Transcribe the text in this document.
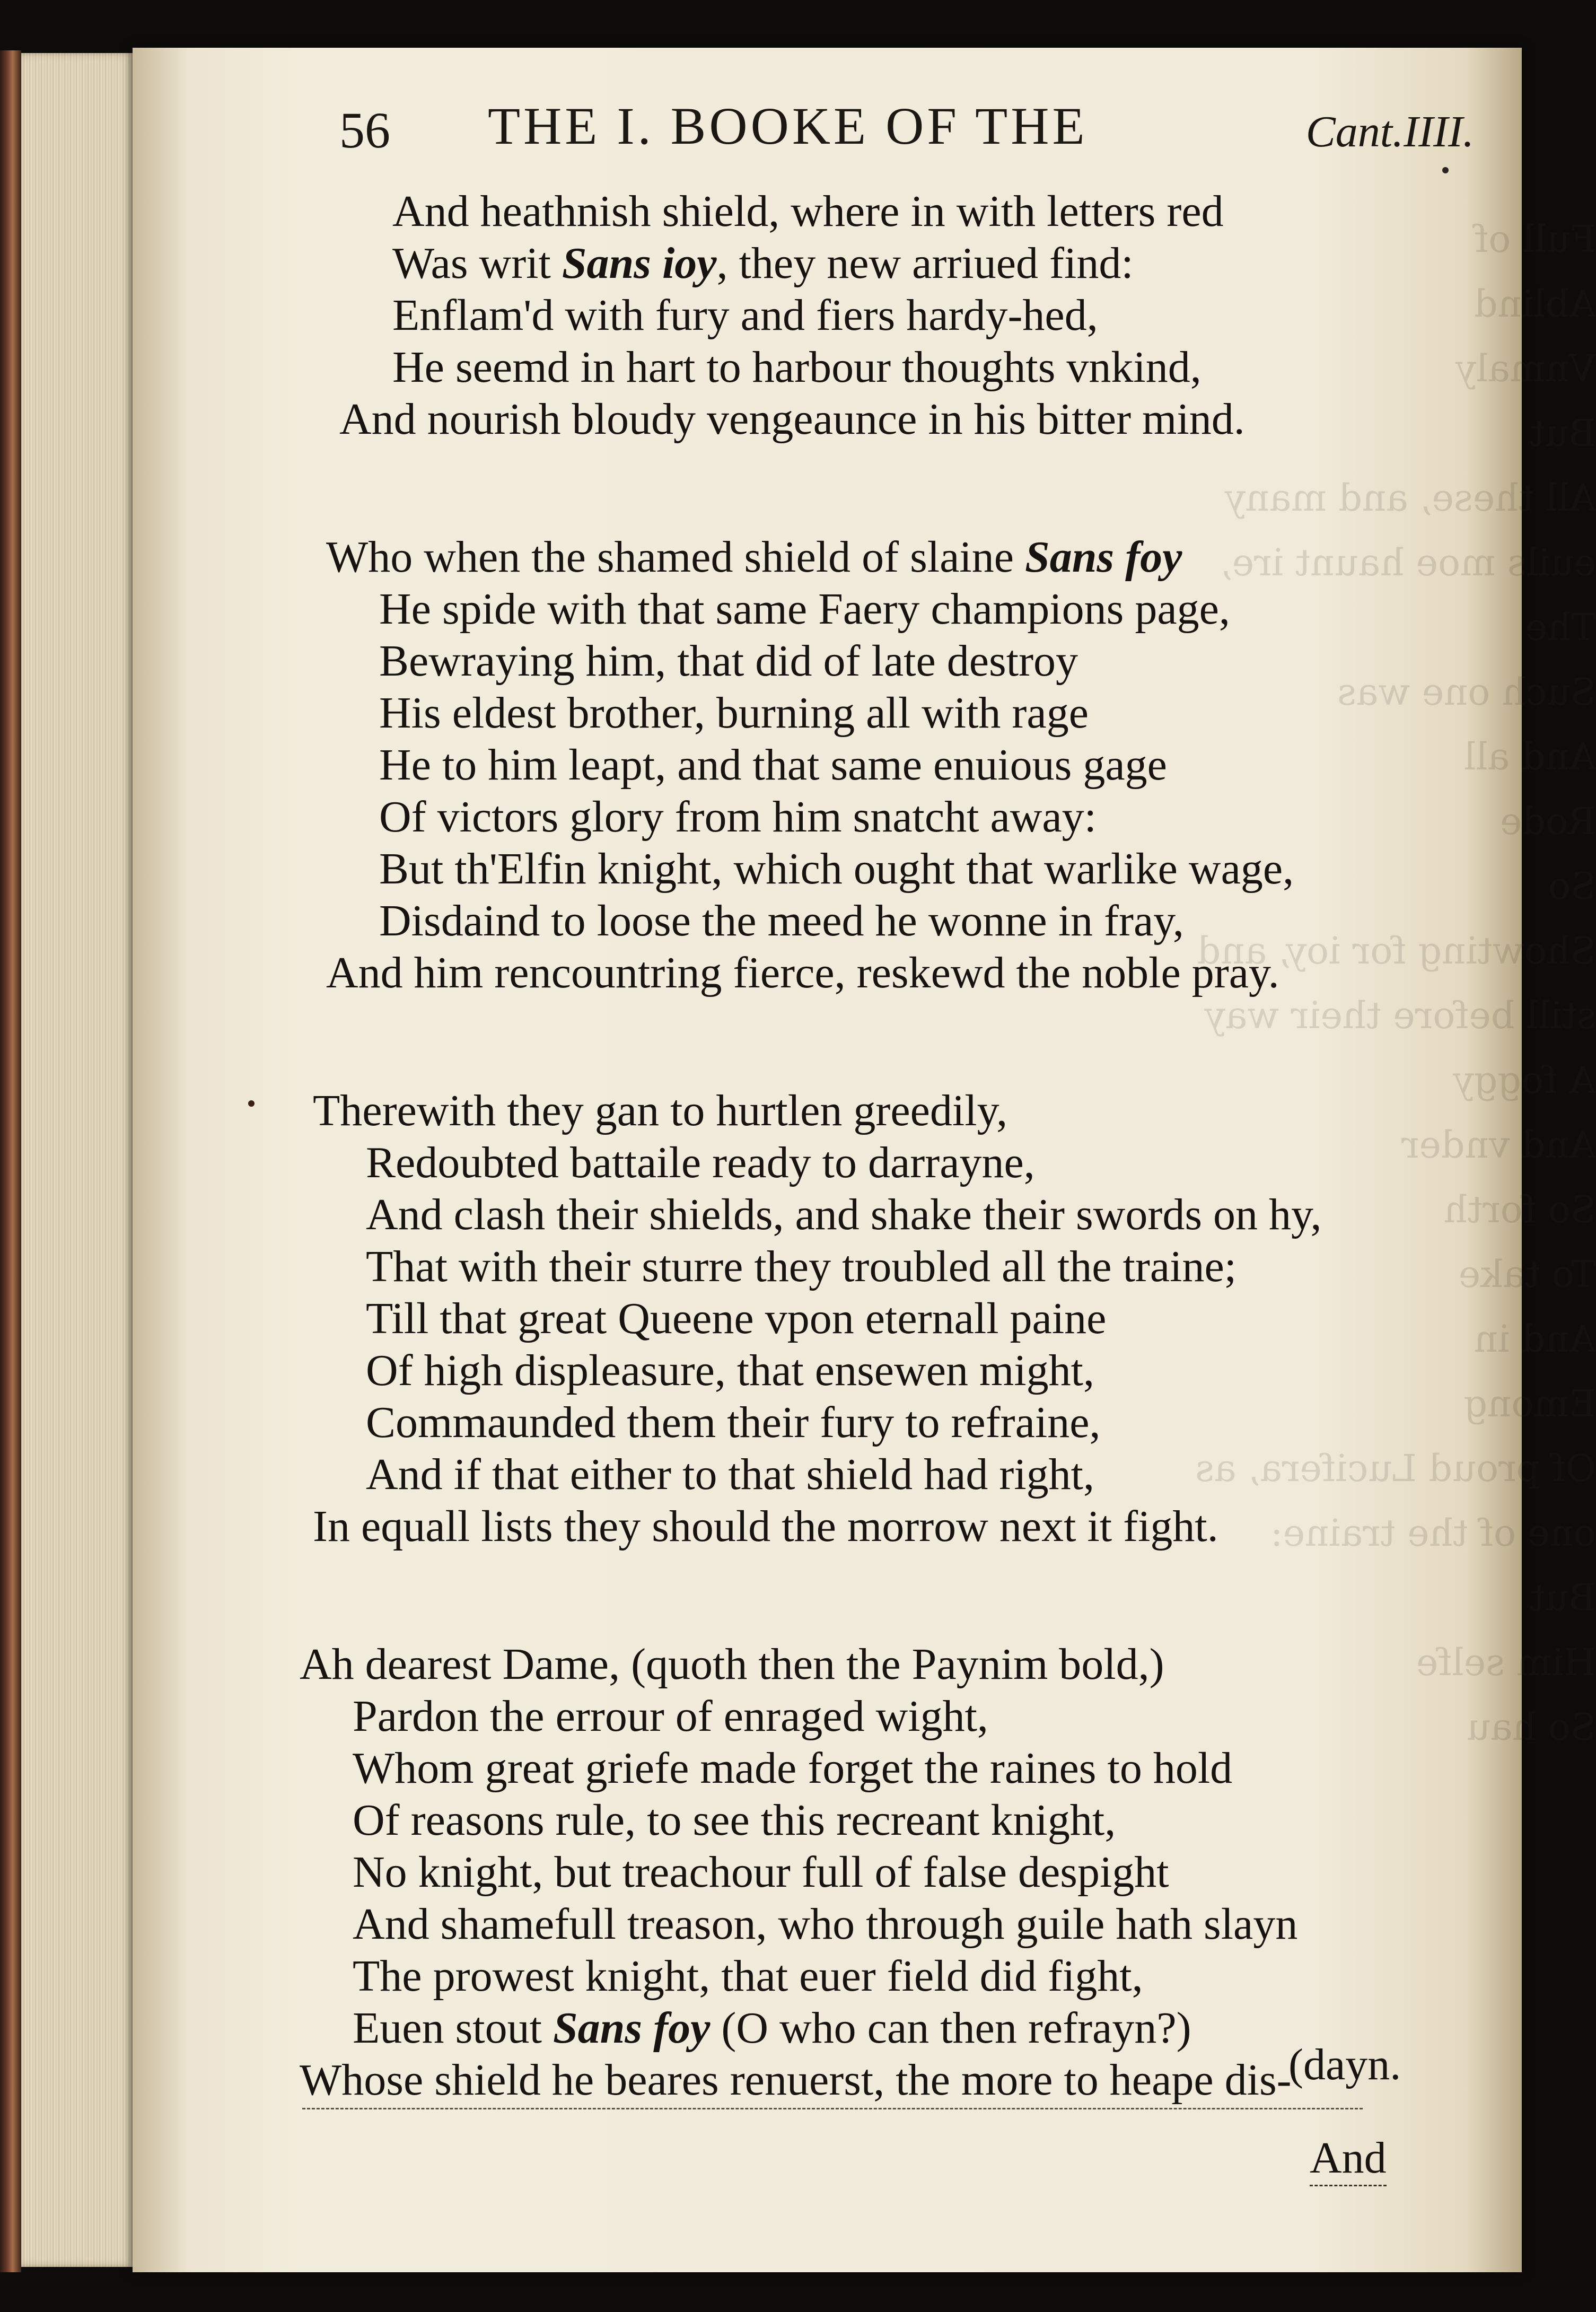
Full of
Ablind
Vnmaly
But
All these, and many euils moe haunt ire,
The
Such one was
And all
Rode
So
Showting for ioy, and still before their way
A foggy
And vnder
So forth
To take
And in
Emong
Of proud Lucifera, as one of the traine:
But
Him selfe
So hau
56 THE I. BOOKE OF THE	Cant.IIII.
And heathnish shield, where in with letters red
Was writ Sans ioy, they new arriued find:
Enflam'd with fury and fiers hardy-hed,
He seemd in hart to harbour thoughts vnkind,
And nourish bloudy vengeaunce in his bitter mind.
Who when the shamed shield of slaine Sans foy
He spide with that same Faery champions page,
Bewraying him, that did of late destroy
His eldest brother, burning all with rage
He to him leapt, and that same enuious gage
Of victors glory from him snatcht away:
But th'Elfin knight, which ought that warlike wage,
Disdaind to loose the meed he wonne in fray,
And him rencountring fierce, reskewd the noble pray.
Therewith they gan to hurtlen greedily,
Redoubted battaile ready to darrayne,
And clash their shields, and shake their swords on hy,
That with their sturre they troubled all the traine;
Till that great Queene vpon eternall paine
Of high displeasure, that ensewen might,
Commaunded them their fury to refraine,
And if that either to that shield had right,
In equall lists they should the morrow next it fight.
Ah dearest Dame, (quoth then the Paynim bold,)
Pardon the errour of enraged wight,
Whom great griefe made forget the raines to hold
Of reasons rule, to see this recreant knight,
No knight, but treachour full of false despight
And shamefull treason, who through guile hath slayn
The prowest knight, that euer field did fight,
Euen stout Sans foy (O who can then refrayn?)
Whose shield he beares renuerst, the more to heape dis-
(dayn.
And
